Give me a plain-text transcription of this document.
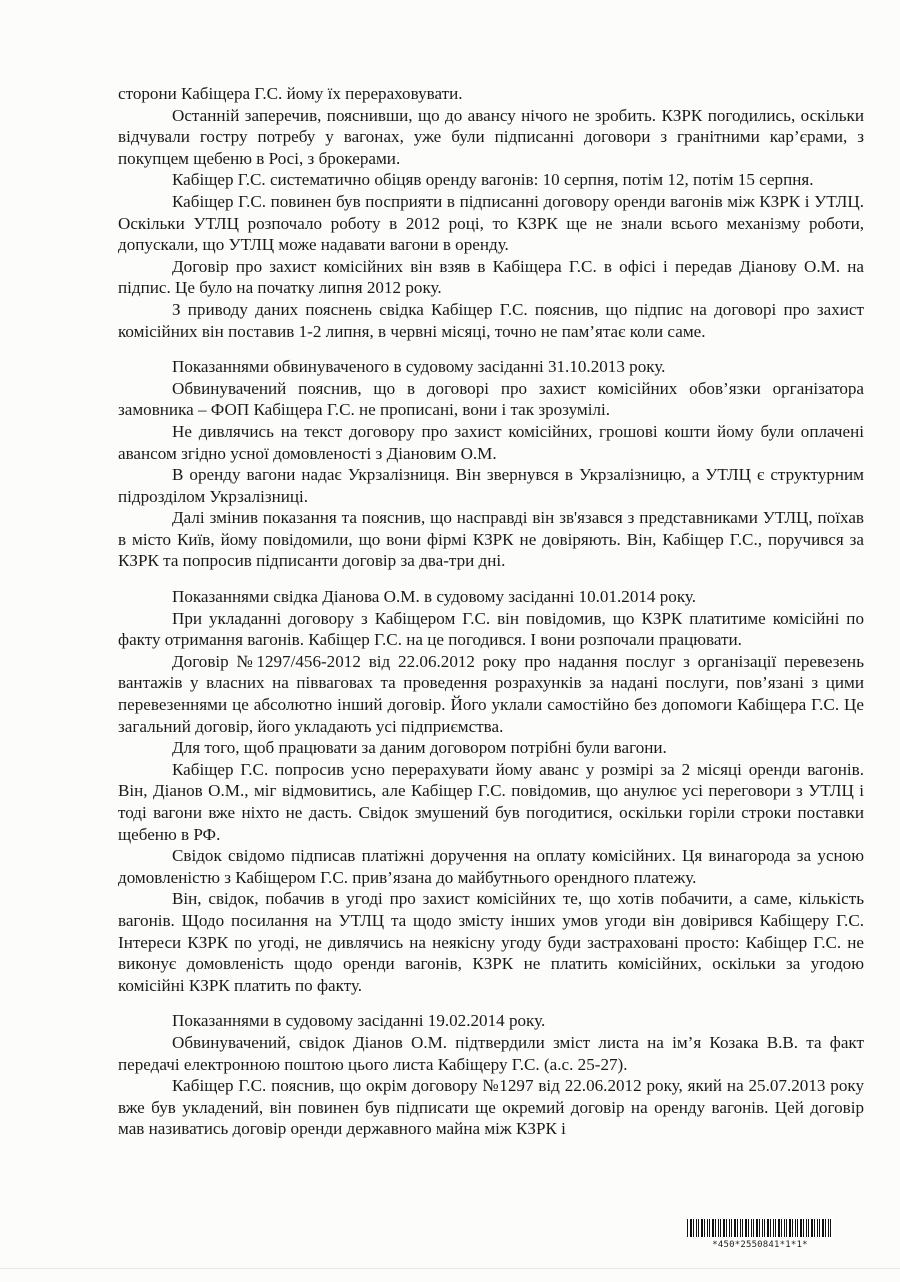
сторони Кабіщера Г.С. йому їх перераховувати.

Останній заперечив, пояснивши, що до авансу нічого не зробить. КЗРК погодились, оскільки відчували гостру потребу у вагонах, уже були підписанні договори з гранітними кар’єрами, з покупцем щебеню в Росі, з брокерами.

Кабіщер Г.С. систематично обіцяв оренду вагонів: 10 серпня, потім 12, потім 15 серпня.

Кабіщер Г.С. повинен був посприяти в підписанні договору оренди вагонів між КЗРК і УТЛЦ. Оскільки УТЛЦ розпочало роботу в 2012 році, то КЗРК ще не знали всього механізму роботи, допускали, що УТЛЦ може надавати вагони в оренду.

Договір про захист комісійних він взяв в Кабіщера Г.С. в офісі і передав Діанову О.М. на підпис. Це було на початку липня 2012 року.

З приводу даних пояснень свідка Кабіщер Г.С. пояснив, що підпис на договорі про захист комісійних він поставив 1-2 липня, в червні місяці, точно не пам’ятає коли саме.

Показаннями обвинуваченого в судовому засіданні 31.10.2013 року.

Обвинувачений пояснив, що в договорі про захист комісійних обов’язки організатора замовника – ФОП Кабіщера Г.С. не прописані, вони і так зрозумілі.

Не дивлячись на текст договору про захист комісійних, грошові кошти йому були оплачені авансом згідно усної домовленості з Діановим О.М.

В оренду вагони надає Укрзалізниця. Він звернувся в Укрзалізницю, а УТЛЦ є структурним підрозділом Укрзалізниці.

Далі змінив показання та пояснив, що насправді він зв'язався з представниками УТЛЦ, поїхав в місто Київ, йому повідомили, що вони фірмі КЗРК не довіряють. Він, Кабіщер Г.С., поручився за КЗРК та попросив підписанти договір за два-три дні.

Показаннями свідка Діанова О.М. в судовому засіданні 10.01.2014 року.

При укладанні договору з Кабіщером Г.С. він повідомив, що КЗРК платитиме комісійні по факту отримання вагонів. Кабіщер Г.С. на це погодився. І вони розпочали працювати.

Договір №1297/456-2012 від 22.06.2012 року про надання послуг з організації перевезень вантажів у власних на півваговах та проведення розрахунків за надані послуги, пов’язані з цими перевезеннями це абсолютно інший договір. Його уклали самостійно без допомоги Кабіщера Г.С. Це загальний договір, його укладають усі підприємства.

Для того, щоб працювати за даним договором потрібні були вагони.

Кабіщер Г.С. попросив усно перерахувати йому аванс у розмірі за 2 місяці оренди вагонів. Він, Діанов О.М., міг відмовитись, але Кабіщер Г.С. повідомив, що анулює усі переговори з УТЛЦ і тоді вагони вже ніхто не дасть. Свідок змушений був погодитися, оскільки горіли строки поставки щебеню в РФ.

Свідок свідомо підписав платіжні доручення на оплату комісійних. Ця винагорода за усною домовленістю з Кабіщером Г.С. прив’язана до майбутнього орендного платежу.

Він, свідок, побачив в угоді про захист комісійних те, що хотів побачити, а саме, кількість вагонів. Щодо посилання на УТЛЦ та щодо змісту інших умов угоди він довірився Кабіщеру Г.С. Інтереси КЗРК по угоді, не дивлячись на неякісну угоду буди застраховані просто: Кабіщер Г.С. не виконує домовленість щодо оренди вагонів, КЗРК не платить комісійних, оскільки за угодою комісійні КЗРК платить по факту.

Показаннями в судовому засіданні 19.02.2014 року.

Обвинувачений, свідок Діанов О.М. підтвердили зміст листа на ім’я Козака В.В. та факт передачі електронною поштою цього листа Кабіщеру Г.С. (а.с. 25-27).

Кабіщер Г.С. пояснив, що окрім договору №1297 від 22.06.2012 року, який на 25.07.2013 року вже був укладений, він повинен був підписати ще окремий договір на оренду вагонів. Цей договір мав називатись договір оренди державного майна між КЗРК і

*450*2550841*1*1*
